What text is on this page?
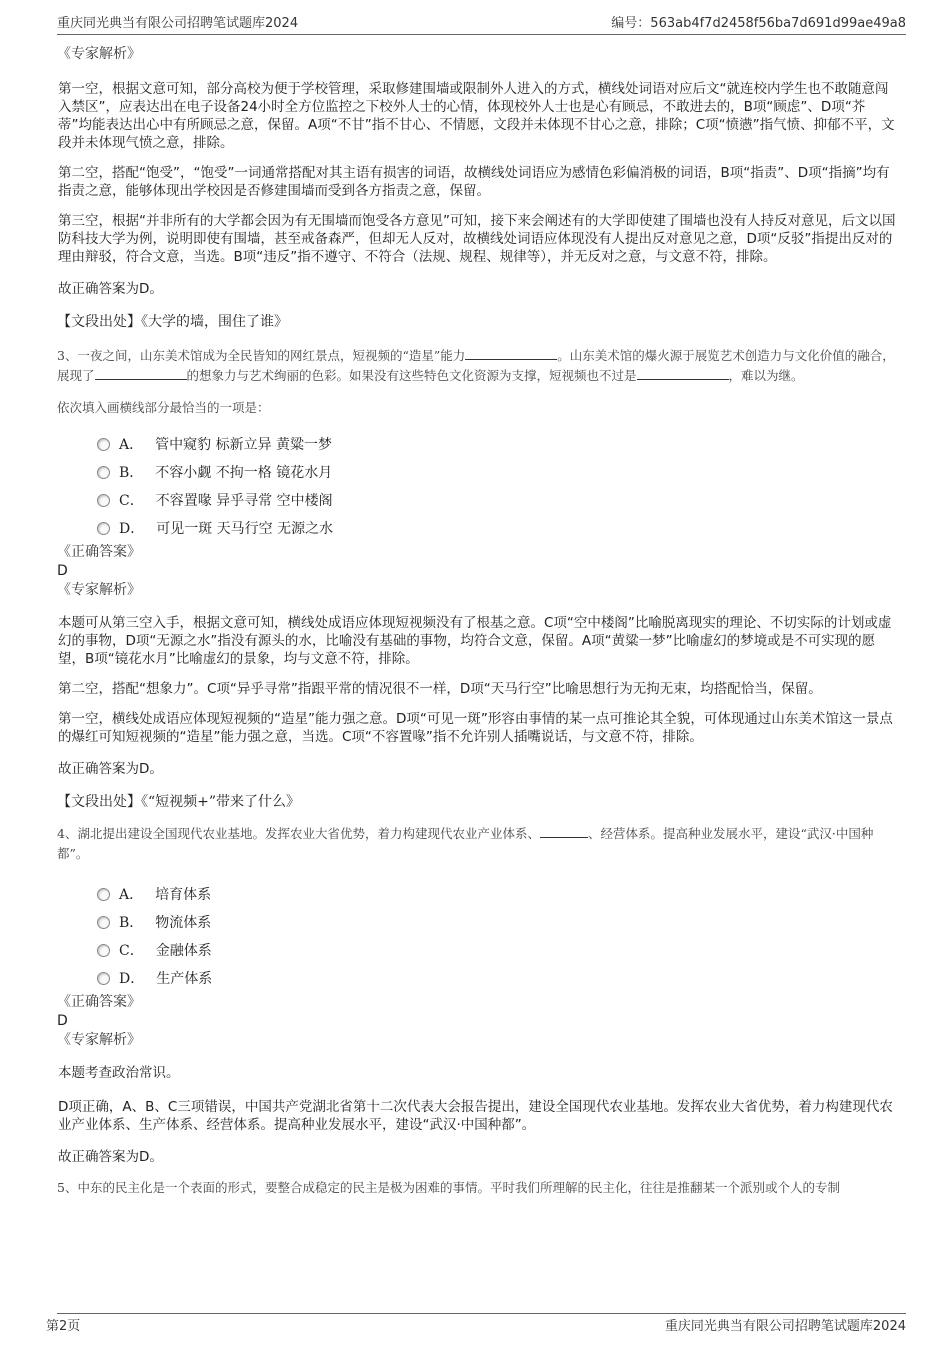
重庆同光典当有限公司招聘笔试题库2024	编号：563ab4f7d2458f56ba7d691d99ae49a8

《专家解析》

第一空，根据文意可知，部分高校为便于学校管理，采取修建围墙或限制外人进入的方式，横线处词语对应后文“就连校内学生也不敢随意闯入禁区”，应表达出在电子设备24小时全方位监控之下校外人士的心情，体现校外人士也是心有顾忌，不敢进去的，B项“顾虑”、D项“芥蒂”均能表达出心中有所顾忌之意，保留。A项“不甘”指不甘心、不情愿，文段并未体现不甘心之意，排除；C项“愤懑”指气愤、抑郁不平，文段并未体现气愤之意，排除。

第二空，搭配“饱受”，“饱受”一词通常搭配对其主语有损害的词语，故横线处词语应为感情色彩偏消极的词语，B项“指责”、D项“指摘”均有指责之意，能够体现出学校因是否修建围墙而受到各方指责之意，保留。

第三空，根据“并非所有的大学都会因为有无围墙而饱受各方意见”可知，接下来会阐述有的大学即使建了围墙也没有人持反对意见，后文以国防科技大学为例，说明即使有围墙，甚至戒备森严，但却无人反对，故横线处词语应体现没有人提出反对意见之意，D项“反驳”指提出反对的理由辩驳，符合文意，当选。B项“违反”指不遵守、不符合（法规、规程、规律等），并无反对之意，与文意不符，排除。

故正确答案为D。

【文段出处】《大学的墙，围住了谁》

3、一夜之间，山东美术馆成为全民皆知的网红景点，短视频的“造星”能力	。山东美术馆的爆火源于展览艺术创造力与文化价值的融合，展现了	的想象力与艺术绚丽的色彩。如果没有这些特色文化资源为支撑，短视频也不过是	，难以为继。

依次填入画横线部分最恰当的一项是：

A． 管中窥豹 标新立异 黄粱一梦
B． 不容小觑 不拘一格 镜花水月
C． 不容置喙 异乎寻常 空中楼阁
D． 可见一斑 天马行空 无源之水

《正确答案》

D

《专家解析》

本题可从第三空入手，根据文意可知，横线处成语应体现短视频没有了根基之意。C项“空中楼阁”比喻脱离现实的理论、不切实际的计划或虚幻的事物，D项“无源之水”指没有源头的水，比喻没有基础的事物，均符合文意，保留。A项“黄粱一梦”比喻虚幻的梦境或是不可实现的愿望，B项“镜花水月”比喻虚幻的景象，均与文意不符，排除。

第二空，搭配“想象力”。C项“异乎寻常”指跟平常的情况很不一样，D项“天马行空”比喻思想行为无拘无束，均搭配恰当，保留。

第一空，横线处成语应体现短视频的“造星”能力强之意。D项“可见一斑”形容由事情的某一点可推论其全貌，可体现通过山东美术馆这一景点的爆红可知短视频的“造星”能力强之意，当选。C项“不容置喙”指不允许别人插嘴说话，与文意不符，排除。

故正确答案为D。

【文段出处】《“短视频+”带来了什么》

4、湖北提出建设全国现代农业基地。发挥农业大省优势，着力构建现代农业产业体系、	、经营体系。提高种业发展水平，建设“武汉·中国种都”。

A． 培育体系
B． 物流体系
C． 金融体系
D． 生产体系

《正确答案》

D

《专家解析》

本题考查政治常识。

D项正确，A、B、C三项错误，中国共产党湖北省第十二次代表大会报告提出，建设全国现代农业基地。发挥农业大省优势，着力构建现代农业产业体系、生产体系、经营体系。提高种业发展水平，建设“武汉·中国种都”。

故正确答案为D。

5、中东的民主化是一个表面的形式，要整合成稳定的民主是极为困难的事情。平时我们所理解的民主化，往往是推翻某一个派别或个人的专制

第2页	重庆同光典当有限公司招聘笔试题库2024
